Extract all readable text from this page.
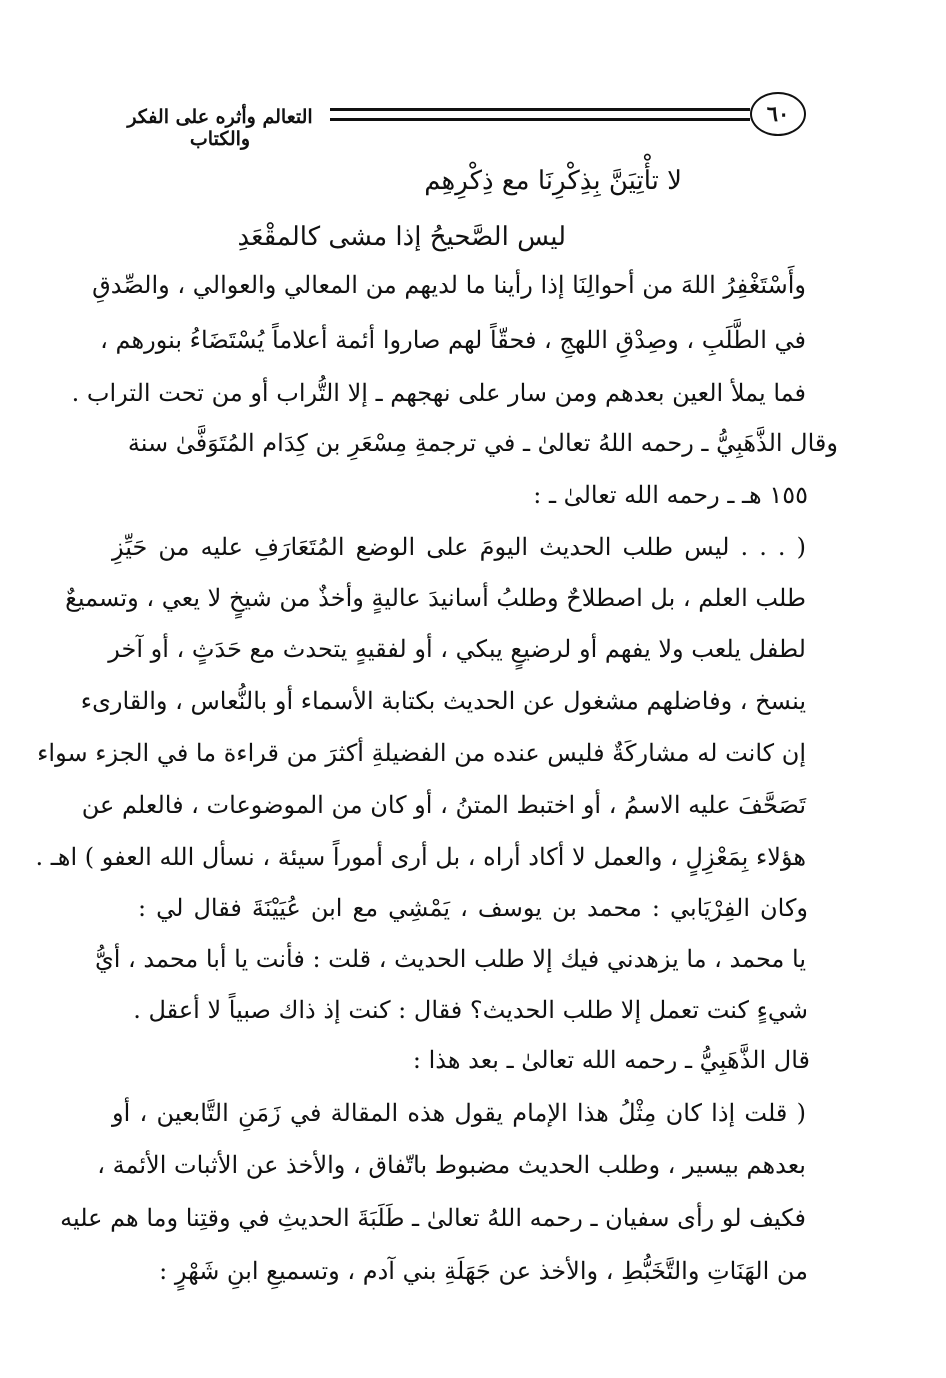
التعالم وأثره على الفكر والكتاب
٦٠
لا تأْتِيَنَّ بِذِكْرِنَا مع ذِكْرِهِم
ليس الصَّحيحُ إذا مشى كالمقْعَدِ
وأَسْتَغْفِرُ اللهَ من أحوالِنَا إذا رأينا ما لديهم من المعالي والعوالي ، والصِّدقِ
في الطَّلَبِ ، وصِدْقِ اللهجِ ، فحقّاً لهم صاروا أئمة أعلاماً يُسْتَضَاءُ بنورهم ،
فما يملأ العين بعدهم ومن سار على نهجهم ـ إلا التُّراب أو من تحت التراب .
وقال الذَّهَبِيُّ ـ رحمه اللهُ تعالىٰ ـ في ترجمةِ مِسْعَرِ بن كِدَام المُتَوَفَّىٰ سنة
١٥٥ هـ ـ رحمه الله تعالىٰ ـ :
( . . . ليس طلب الحديث اليومَ على الوضع المُتَعَارَفِ عليه من حَيِّزِ
طلب العلم ، بل اصطلاحٌ وطلبُ أسانيدَ عاليةٍ وأخذٌ من شيخٍ لا يعي ، وتسميعٌ
لطفل يلعب ولا يفهم أو لرضيعٍ يبكي ، أو لفقيهٍ يتحدث مع حَدَثٍ ، أو آخر
ينسخ ، وفاضلهم مشغول عن الحديث بكتابة الأسماء أو بالنُّعاس ، والقارىء
إن كانت له مشاركَةٌ فليس عنده من الفضيلةِ أكثرَ من قراءة ما في الجزء سواء
تَصَحَّفَ عليه الاسمُ ، أو اختبط المتنُ ، أو كان من الموضوعات ، فالعلم عن
هؤلاء بِمَعْزِلٍ ، والعمل لا أكاد أراه ، بل أرى أموراً سيئة ، نسأل الله العفو ) اهـ .
وكان الفِرْيَابي : محمد بن يوسف ، يَمْشِي مع ابن عُيَيْنَةَ فقال لي :
يا محمد ، ما يزهدني فيك إلا طلب الحديث ، قلت : فأنت يا أبا محمد ، أيُّ
شيءٍ كنت تعمل إلا طلب الحديث؟ فقال : كنت إذ ذاك صبياً لا أعقل .
قال الذَّهَبِيُّ ـ رحمه الله تعالىٰ ـ بعد هذا :
( قلت إذا كان مِثْلُ هذا الإمام يقول هذه المقالة في زَمَنِ التَّابعين ، أو
بعدهم بيسير ، وطلب الحديث مضبوط باتّفاق ، والأخذ عن الأثبات الأئمة ،
فكيف لو رأى سفيان ـ رحمه اللهُ تعالىٰ ـ طَلَبَةَ الحديثِ في وقتِنا وما هم عليه
من الهَنَاتِ والتَّخَبُّطِ ، والأخذ عن جَهَلَةِ بني آدم ، وتسميعِ ابنِ شَهْرٍ :
